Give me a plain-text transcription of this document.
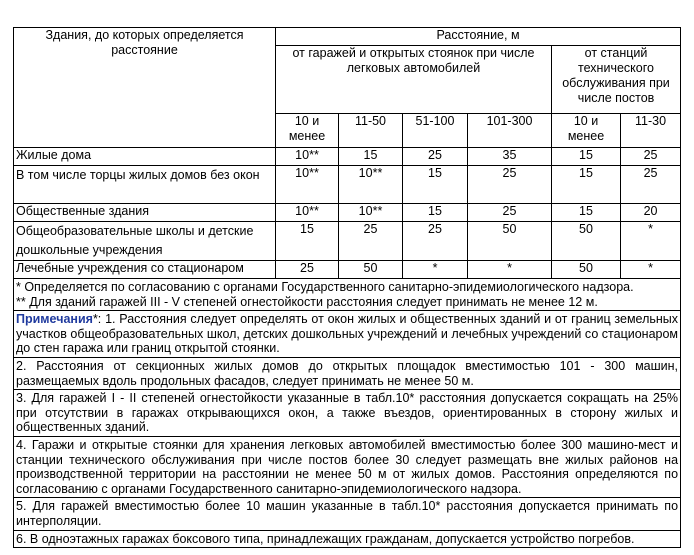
Здания, до которых определяется расстояние	Расстояние, м					
	от гаражей и открытых стоянок при числе легковых автомобилей				от станций технического обслуживания при числе постов	
	10 и менее	11-50	51-100	101-300	10 и менее	11-30
Жилые дома	10**	15	25	35	15	25
В том числе торцы жилых домов без окон	10**	10**	15	25	15	25
Общественные здания	10**	10**	15	25	15	20
Общеобразовательные школы и детские дошкольные учреждения	15	25	25	50	50	*
Лечебные учреждения со стационаром	25	50	*	*	50	*

* Определяется по согласованию с органами Государственного санитарно-эпидемиологического надзора.

** Для зданий гаражей III - V степеней огнестойкости расстояния следует принимать не менее 12 м.						

Примечания*: 1. Расстояния следует определять от окон жилых и общественных зданий и от границ земельных участков общеобразовательных школ, детских дошкольных учреждений и лечебных учреждений со стационаром до стен гаража или границ открытой стоянки.						
2. Расстояния от секционных жилых домов до открытых площадок вместимостью 101 - 300 машин, размещаемых вдоль продольных фасадов, следует принимать не менее 50 м.						
3. Для гаражей I - II степеней огнестойкости указанные в табл.10* расстояния допускается сокращать на 25% при отсутствии в гаражах открывающихся окон, а также въездов, ориентированных в сторону жилых и общественных зданий.						
4. Гаражи и открытые стоянки для хранения легковых автомобилей вместимостью более 300 машино-мест и станции технического обслуживания при числе постов более 30 следует размещать вне жилых районов на производственной территории на расстоянии не менее 50 м от жилых домов. Расстояния определяются по согласованию с органами Государственного санитарно-эпидемиологического надзора.						
5. Для гаражей вместимостью более 10 машин указанные в табл.10* расстояния допускается принимать по интерполяции.						
6. В одноэтажных гаражах боксового типа, принадлежащих гражданам, допускается устройство погребов.						
